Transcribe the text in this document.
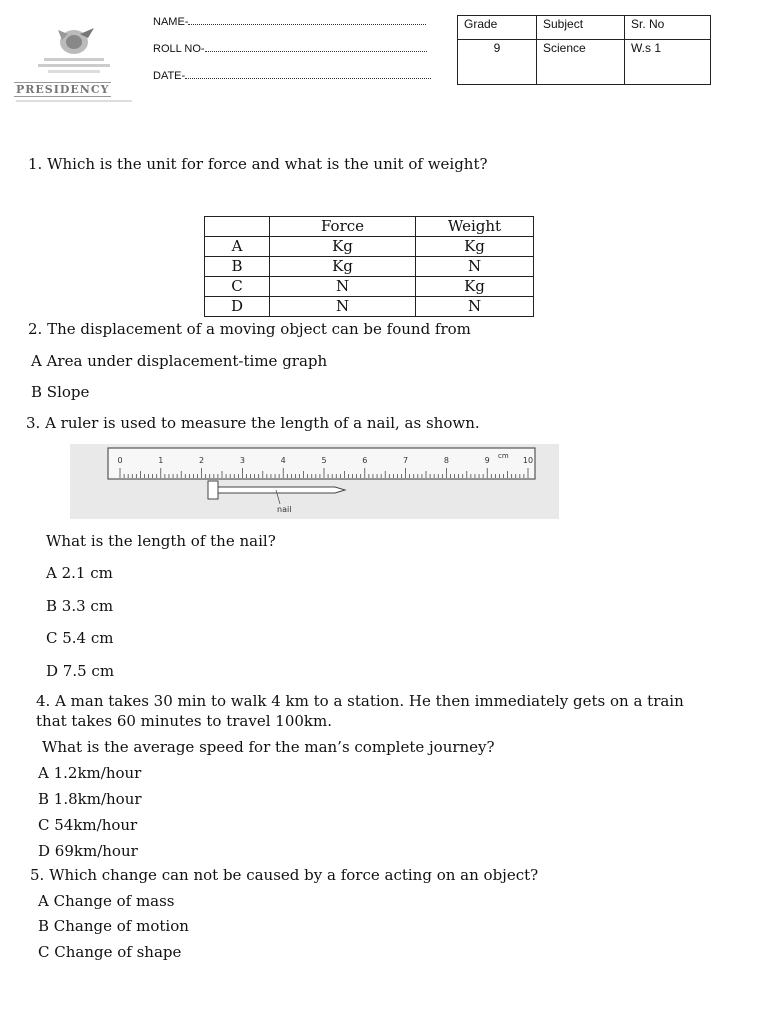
PRESIDENCY
NAME-
ROLL NO-
DATE-
Grade	Subject	Sr. No
9	Science	W.s 1
1. Which is the unit for force and what is the unit of weight?
	Force	Weight
A	Kg	Kg
B	Kg	N
C	N	Kg
D	N	N
2. The displacement of a moving object can be found from
A Area under displacement-time graph
B Slope
3. A ruler is used to measure the length of a nail, as shown.
0	1	2	3	4	5	6	7	8	9	10
cm
nail
What is the length of the nail?
A 2.1 cm
B 3.3 cm
C 5.4 cm
D 7.5 cm
4. A man takes 30 min to walk 4 km to a station. He then immediately gets on a train
that takes 60 minutes to travel 100km.
What is the average speed for the man’s complete journey?
A 1.2km/hour
B 1.8km/hour
C 54km/hour
D 69km/hour
5. Which change can not be caused by a force acting on an object?
A Change of mass
B Change of motion
C Change of shape
